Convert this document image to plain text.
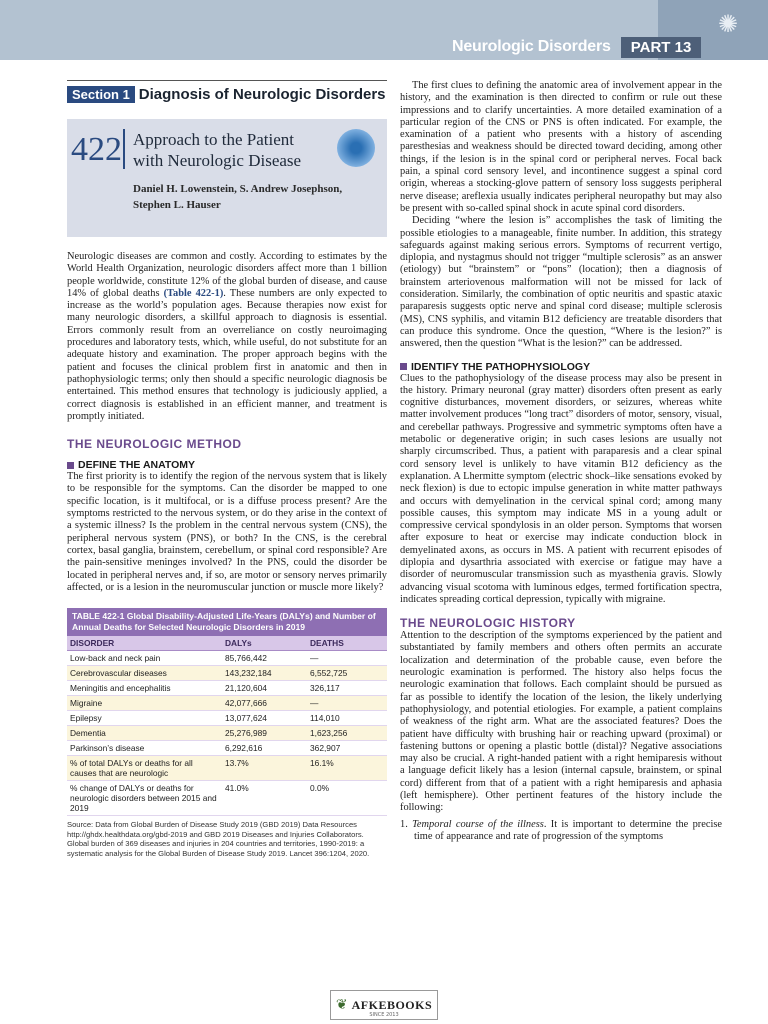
✺
Neurologic Disorders	PART 13
Section 1 Diagnosis of Neurologic Disorders
422 Approach to the Patient with Neurologic Disease
Daniel H. Lowenstein, S. Andrew Josephson, Stephen L. Hauser

Neurologic diseases are common and costly. According to estimates by the World Health Organization, neurologic disorders affect more than 1 billion people worldwide, constitute 12% of the global burden of disease, and cause 14% of global deaths (Table 422-1). These numbers are only expected to increase as the world’s population ages. Because therapies now exist for many neurologic disorders, a skillful approach to diagnosis is essential. Errors commonly result from an overreliance on costly neuroimaging procedures and laboratory tests, which, while useful, do not substitute for an adequate history and examination. The proper approach begins with the patient and focuses the clinical problem first in anatomic and then in pathophysiologic terms; only then should a specific neurologic diagnosis be entertained. This method ensures that technology is judiciously applied, a correct diagnosis is established in an efficient manner, and treatment is promptly initiated.

THE NEUROLOGIC METHOD
DEFINE THE ANATOMY

The first priority is to identify the region of the nervous system that is likely to be responsible for the symptoms. Can the disorder be mapped to one specific location, is it multifocal, or is a diffuse process present? Are the symptoms restricted to the nervous system, or do they arise in the context of a systemic illness? Is the problem in the central nervous system (CNS), the peripheral nervous system (PNS), or both? In the CNS, is the cerebral cortex, basal ganglia, brainstem, cerebellum, or spinal cord responsible? Are the pain-sensitive meninges involved? In the PNS, could the disorder be located in peripheral nerves and, if so, are motor or sensory nerves primarily affected, or is a lesion in the neuromuscular junction or muscle more likely?

TABLE 422-1 Global Disability-Adjusted Life-Years (DALYs) and Number of Annual Deaths for Selected Neurologic Disorders in 2019
DISORDER	DALYs	DEATHS
Low-back and neck pain	85,766,442	—
Cerebrovascular diseases	143,232,184	6,552,725
Meningitis and encephalitis	21,120,604	326,117
Migraine	42,077,666	—
Epilepsy	13,077,624	114,010
Dementia	25,276,989	1,623,256
Parkinson’s disease	6,292,616	362,907
% of total DALYs or deaths for all causes that are neurologic	13.7%	16.1%
% change of DALYs or deaths for neurologic disorders between 2015 and 2019	41.0%	0.0%
Source: Data from Global Burden of Disease Study 2019 (GBD 2019) Data Resources http://ghdx.healthdata.org/gbd-2019 and GBD 2019 Diseases and Injuries Collaborators. Global burden of 369 diseases and injuries in 204 countries and territories, 1990-2019: a systematic analysis for the Global Burden of Disease Study 2019. Lancet 396:1204, 2020.

The first clues to defining the anatomic area of involvement appear in the history, and the examination is then directed to confirm or rule out these impressions and to clarify uncertainties. A more detailed examination of a particular region of the CNS or PNS is often indicated. For example, the examination of a patient who presents with a history of ascending paresthesias and weakness should be directed toward deciding, among other things, if the lesion is in the spinal cord or peripheral nerves. Focal back pain, a spinal cord sensory level, and incontinence suggest a spinal cord origin, whereas a stocking-glove pattern of sensory loss suggests peripheral nerve disease; areflexia usually indicates peripheral neuropathy but may also be present with so-called spinal shock in acute spinal cord disorders.

Deciding “where the lesion is” accomplishes the task of limiting the possible etiologies to a manageable, finite number. In addition, this strategy safeguards against making serious errors. Symptoms of recurrent vertigo, diplopia, and nystagmus should not trigger “multiple sclerosis” as an answer (etiology) but “brainstem” or “pons” (location); then a diagnosis of brainstem arteriovenous malformation will not be missed for lack of consideration. Similarly, the combination of optic neuritis and spastic ataxic paraparesis suggests optic nerve and spinal cord disease; multiple sclerosis (MS), CNS syphilis, and vitamin B12 deficiency are treatable disorders that can produce this syndrome. Once the question, “Where is the lesion?” is answered, then the question “What is the lesion?” can be addressed.

IDENTIFY THE PATHOPHYSIOLOGY

Clues to the pathophysiology of the disease process may also be present in the history. Primary neuronal (gray matter) disorders often present as early cognitive disturbances, movement disorders, or seizures, whereas white matter involvement produces “long tract” disorders of motor, sensory, visual, and cerebellar pathways. Progressive and symmetric symptoms often have a metabolic or degenerative origin; in such cases lesions are usually not sharply circumscribed. Thus, a patient with paraparesis and a clear spinal cord sensory level is unlikely to have vitamin B12 deficiency as the explanation. A Lhermitte symptom (electric shock–like sensations evoked by neck flexion) is due to ectopic impulse generation in white matter pathways and occurs with demyelination in the cervical spinal cord; among many possible causes, this symptom may indicate MS in a young adult or compressive cervical spondylosis in an older person. Symptoms that worsen after exposure to heat or exercise may indicate conduction block in demyelinated axons, as occurs in MS. A patient with recurrent episodes of diplopia and dysarthria associated with exercise or fatigue may have a disorder of neuromuscular transmission such as myasthenia gravis. Slowly advancing visual scotoma with luminous edges, termed fortification spectra, indicates spreading cortical depression, typically with migraine.

THE NEUROLOGIC HISTORY

Attention to the description of the symptoms experienced by the patient and substantiated by family members and others often permits an accurate localization and determination of the probable cause, even before the neurologic examination is performed. The history also helps focus the neurologic examination that follows. Each complaint should be pursued as far as possible to identify the location of the lesion, the likely underlying pathophysiology, and potential etiologies. For example, a patient complains of weakness of the right arm. What are the associated features? Does the patient have difficulty with brushing hair or reaching upward (proximal) or fastening buttons or opening a plastic bottle (distal)? Negative associations may also be crucial. A right-handed patient with a right hemiparesis without a language deficit likely has a lesion (internal capsule, brainstem, or spinal cord) different from that of a patient with a right hemiparesis and aphasia (left hemisphere). Other pertinent features of the history include the following:

1. Temporal course of the illness. It is important to determine the precise time of appearance and rate of progression of the symptoms

❦ AFKEBOOKS
SINCE 2013
